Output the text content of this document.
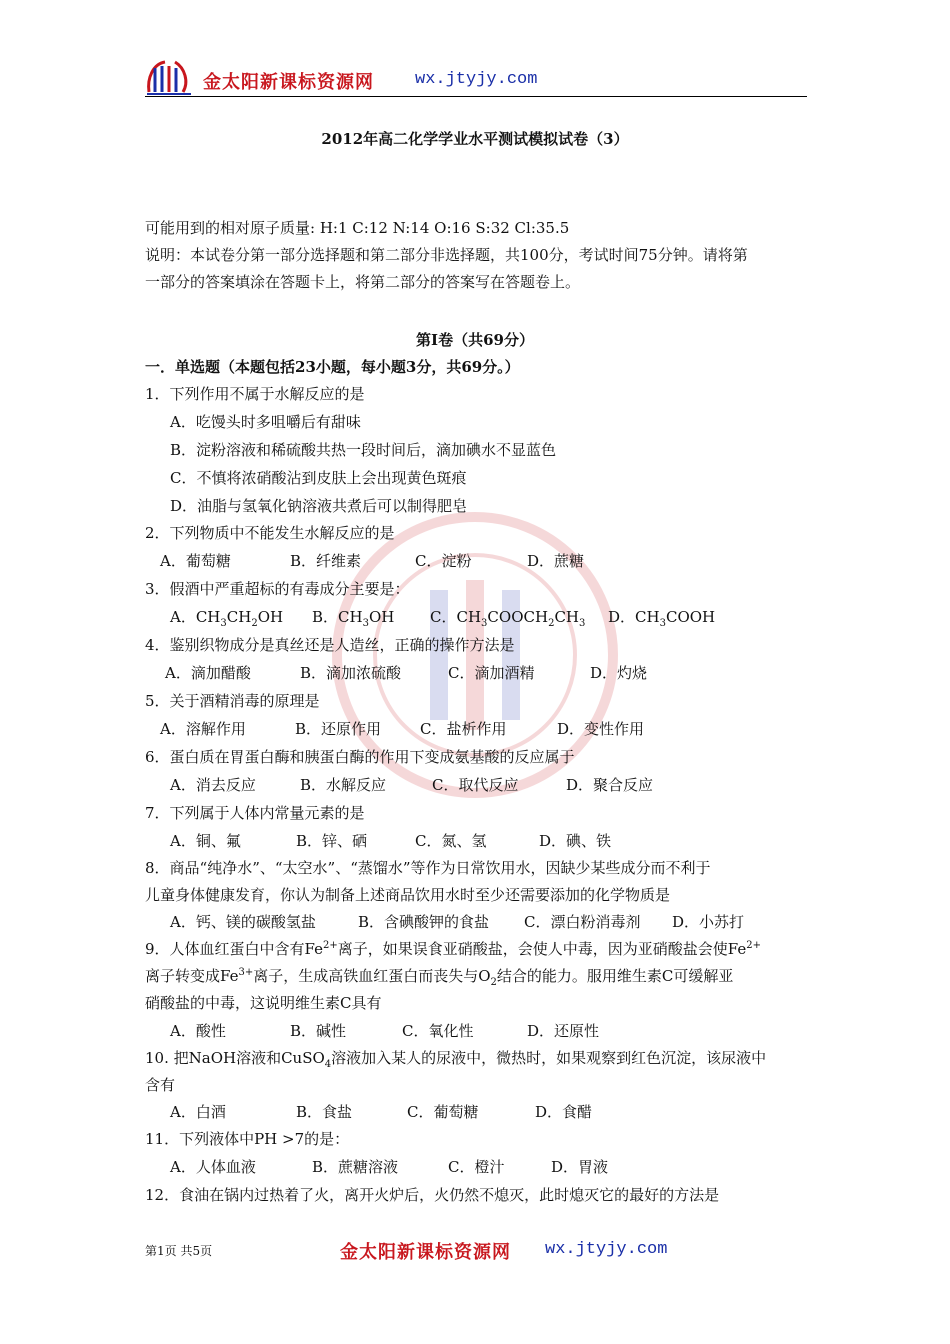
金太阳新课标资源网 wx.jtyjy.com
2012年高二化学学业水平测试模拟试卷（3）
可能用到的相对原子质量: H:1 C:12 N:14 O:16 S:32 Cl:35.5
说明：本试卷分第一部分选择题和第二部分非选择题，共100分，考试时间75分钟。请将第
一部分的答案填涂在答题卡上，将第二部分的答案写在答题卷上。
第Ⅰ卷（共69分）
一．单选题（本题包括23小题，每小题3分，共69分。）
1．下列作用不属于水解反应的是
A．吃馒头时多咀嚼后有甜味
B．淀粉溶液和稀硫酸共热一段时间后，滴加碘水不显蓝色
C．不慎将浓硝酸沾到皮肤上会出现黄色斑痕
D．油脂与氢氧化钠溶液共煮后可以制得肥皂
2．下列物质中不能发生水解反应的是
A．葡萄糖	B．纤维素	C．淀粉	D．蔗糖
3．假酒中严重超标的有毒成分主要是：
A．$CH_3CH_2OH$ B．$CH_3OH$ C．$CH_3COOCH_2CH_3$ D．$CH_3COOH$
4．鉴别织物成分是真丝还是人造丝，正确的操作方法是
A．滴加醋酸	B．滴加浓硫酸	C．滴加酒精	D．灼烧
5．关于酒精消毒的原理是
A．溶解作用	B．还原作用	C．盐析作用	D．变性作用
6．蛋白质在胃蛋白酶和胰蛋白酶的作用下变成氨基酸的反应属于
A．消去反应	B．水解反应	C．取代反应	D．聚合反应
7．下列属于人体内常量元素的是
A．铜、氟	B．锌、硒	C．氮、氢	D．碘、铁
8．商品“纯净水”、“太空水”、“蒸馏水”等作为日常饮用水，因缺少某些成分而不利于
儿童身体健康发育，你认为制备上述商品饮用水时至少还需要添加的化学物质是
A．钙、镁的碳酸氢盐	B．含碘酸钾的食盐 C．漂白粉消毒剂 D．小苏打
9．人体血红蛋白中含有$Fe^{2+}$离子，如果误食亚硝酸盐，会使人中毒，因为亚硝酸盐会使$Fe^{2+}$
离子转变成$Fe^{3+}$离子，生成高铁血红蛋白而丧失与$O_2$结合的能力。服用维生素C可缓解亚
硝酸盐的中毒，这说明维生素C具有
A．酸性	B．碱性	C．氧化性	D．还原性
10. 把NaOH溶液和CuSO$_4$溶液加入某人的尿液中，微热时，如果观察到红色沉淀，该尿液中
含有
A．白酒	B．食盐	C．葡萄糖	D．食醋
11．下列液体中PH >7的是：
A．人体血液	B．蔗糖溶液	C．橙汁	D．胃液
12．食油在锅内过热着了火，离开火炉后，火仍然不熄灭，此时熄灭它的最好的方法是
第1页 共5页	金太阳新课标资源网 wx.jtyjy.com
